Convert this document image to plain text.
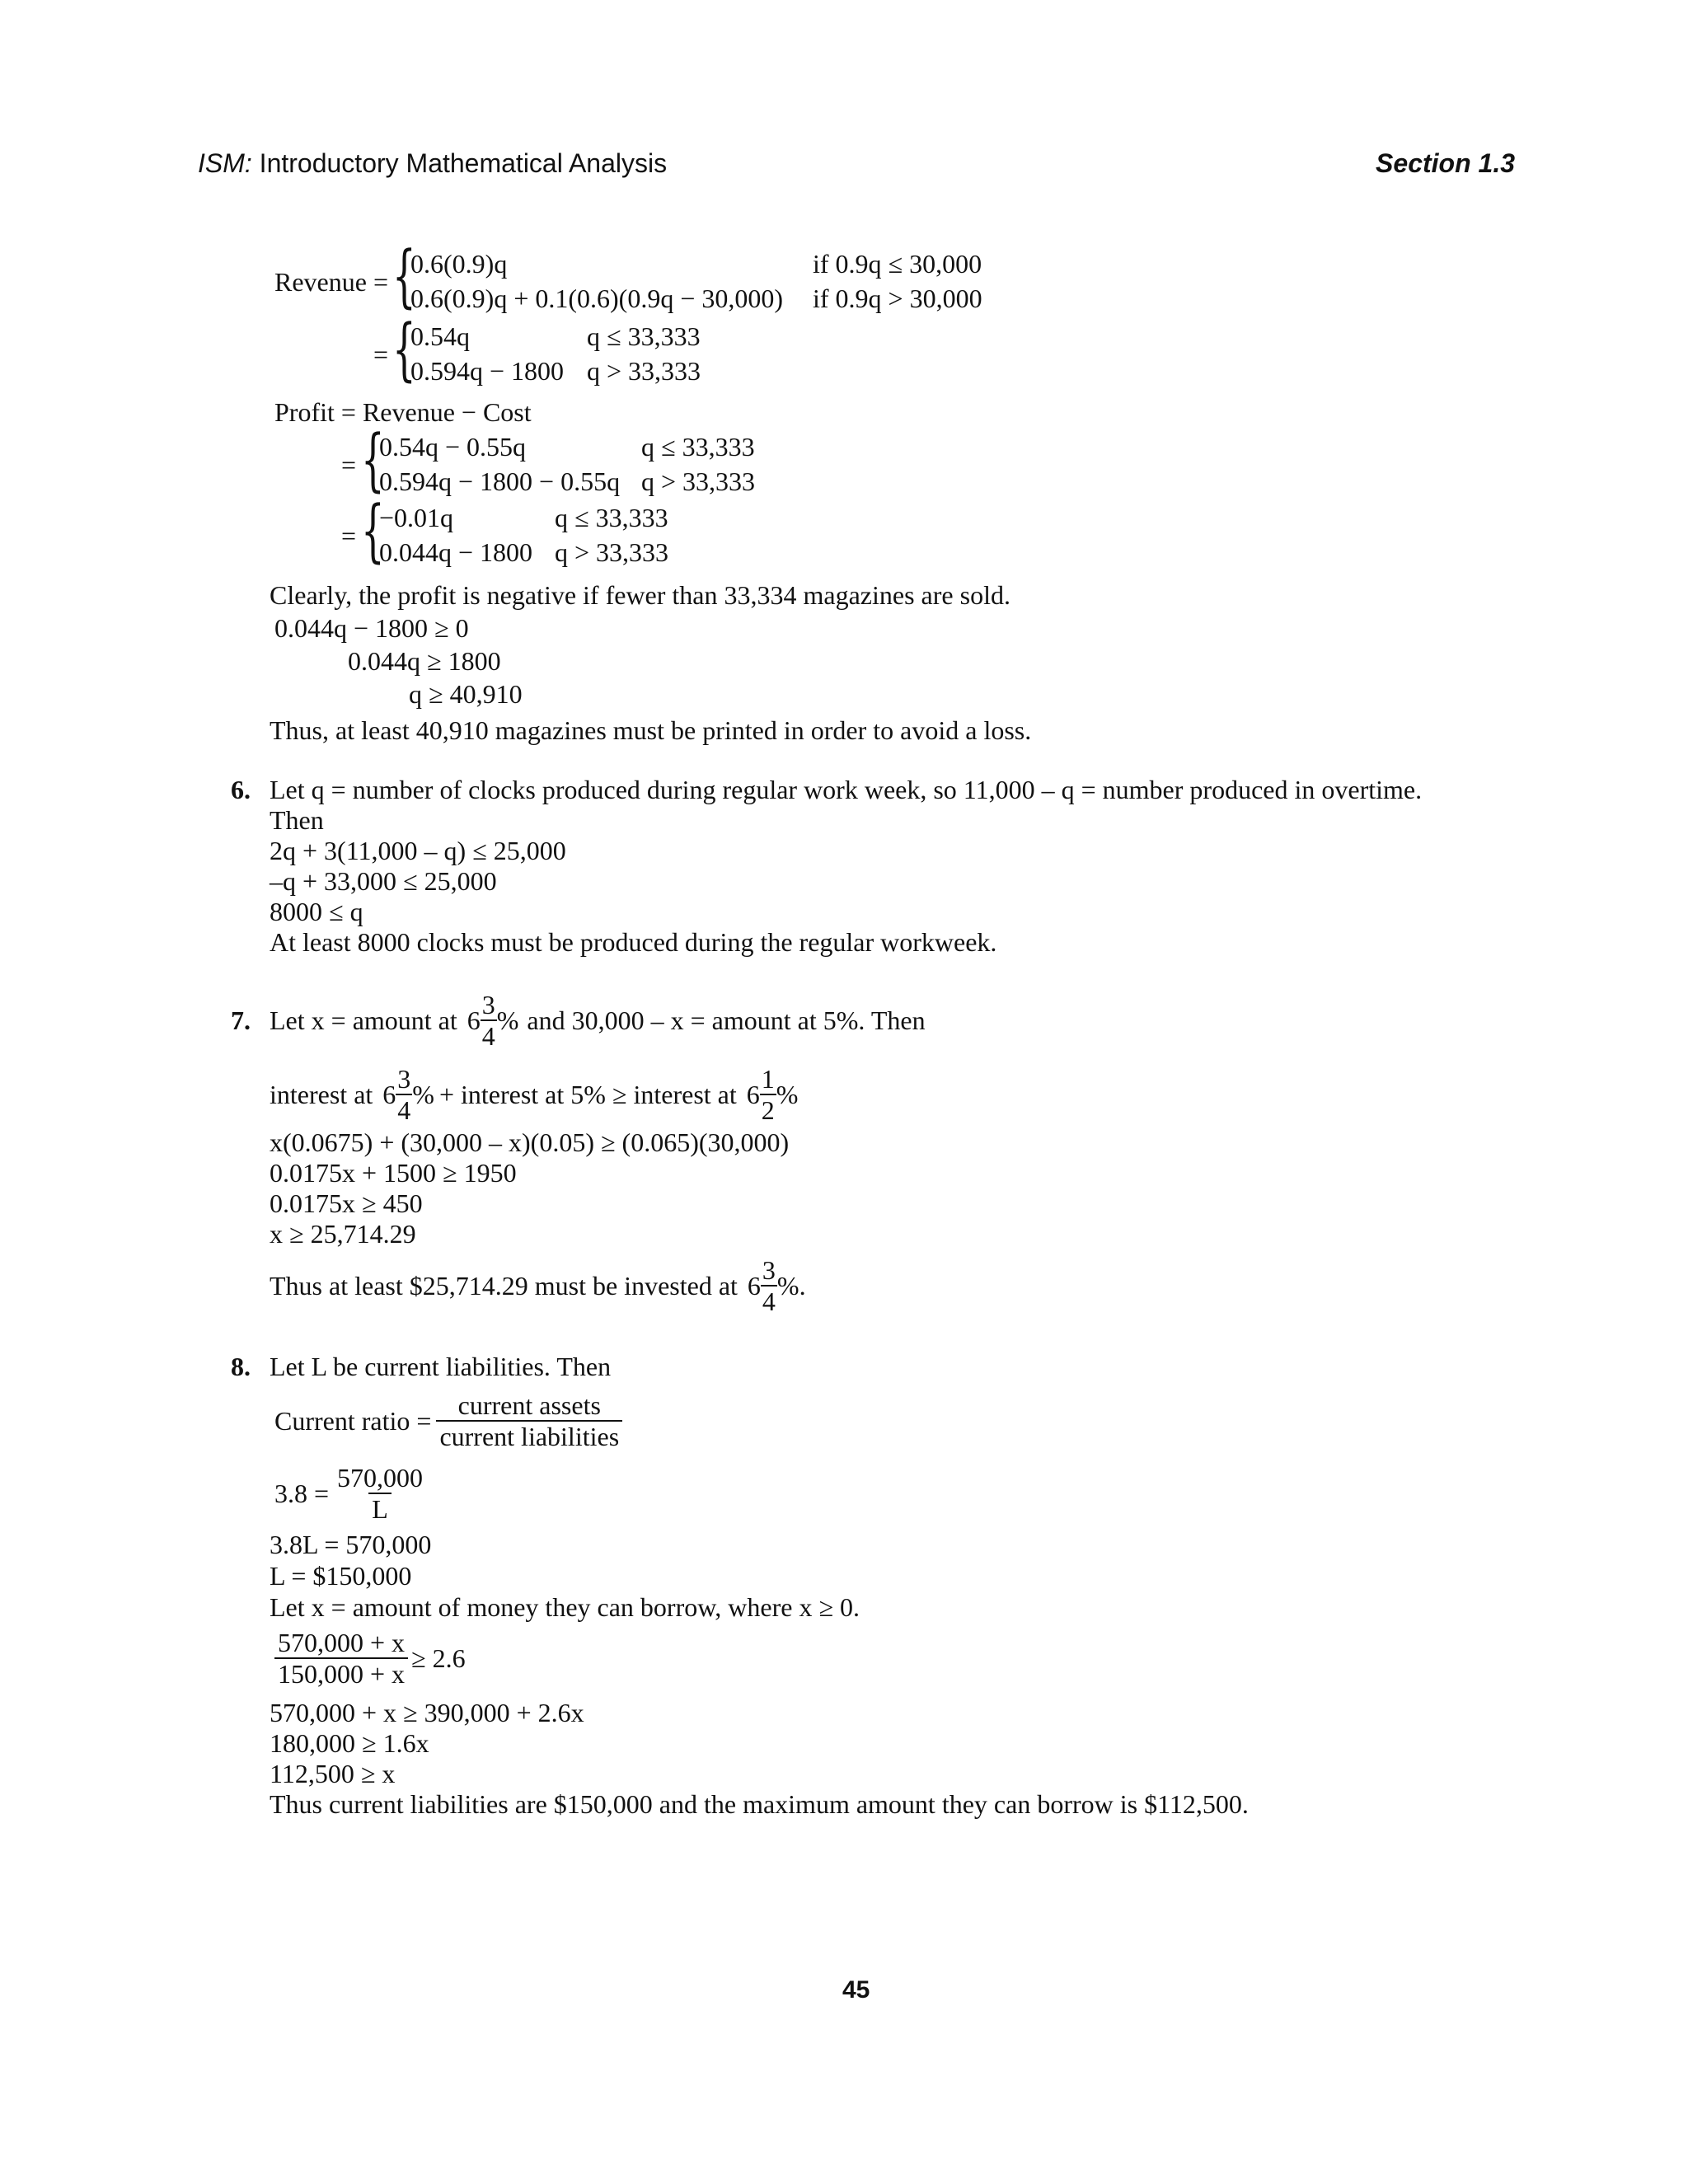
ISM: Introductory Mathematical Analysis	Section 1.3
Revenue = {
0.6(0.9)q	if 0.9q ≤ 30,000
0.6(0.9)q + 0.1(0.6)(0.9q − 30,000) if 0.9q > 30,000
= {
0.54q	q ≤ 33,333
0.594q − 1800 q > 33,333
Profit = Revenue − Cost
= {
0.54q − 0.55q	q ≤ 33,333
0.594q − 1800 − 0.55q q > 33,333
= {
−0.01q	q ≤ 33,333
0.044q − 1800 q > 33,333
Clearly, the profit is negative if fewer than 33,334 magazines are sold.
0.044q − 1800 ≥ 0
0.044q ≥ 1800
q ≥ 40,910
Thus, at least 40,910 magazines must be printed in order to avoid a loss.
6. Let q = number of clocks produced during regular work week, so 11,000 – q = number produced in overtime.
Then
2q + 3(11,000 – q) ≤ 25,000
–q + 33,000 ≤ 25,000
8000 ≤ q
At least 8000 clocks must be produced during the regular workweek.
7. Let x = amount at $6 \frac{3}{4}$ % and 30,000 – x = amount at 5%. Then
interest at $6 \frac{3}{4}$ % + interest at 5% ≥ interest at $6 \frac{1}{2}$ %
x(0.0675) + (30,000 – x)(0.05) ≥ (0.065)(30,000)
0.0175x + 1500 ≥ 1950
0.0175x ≥ 450
x ≥ 25,714.29
Thus at least $25,714.29 must be invested at $6 \frac{3}{4}$ %.
8. Let L be current liabilities. Then
Current ratio =
current assets
current liabilities
$3.8 = \frac{570,000}{L}$
3.8L = 570,000
L = $150,000
Let x = amount of money they can borrow, where x ≥ 0.
$\frac{570,000 + x}{150,000 + x} \ge 2.6$
570,000 + x ≥ 390,000 + 2.6x
180,000 ≥ 1.6x
112,500 ≥ x
Thus current liabilities are $150,000 and the maximum amount they can borrow is $112,500.
45
